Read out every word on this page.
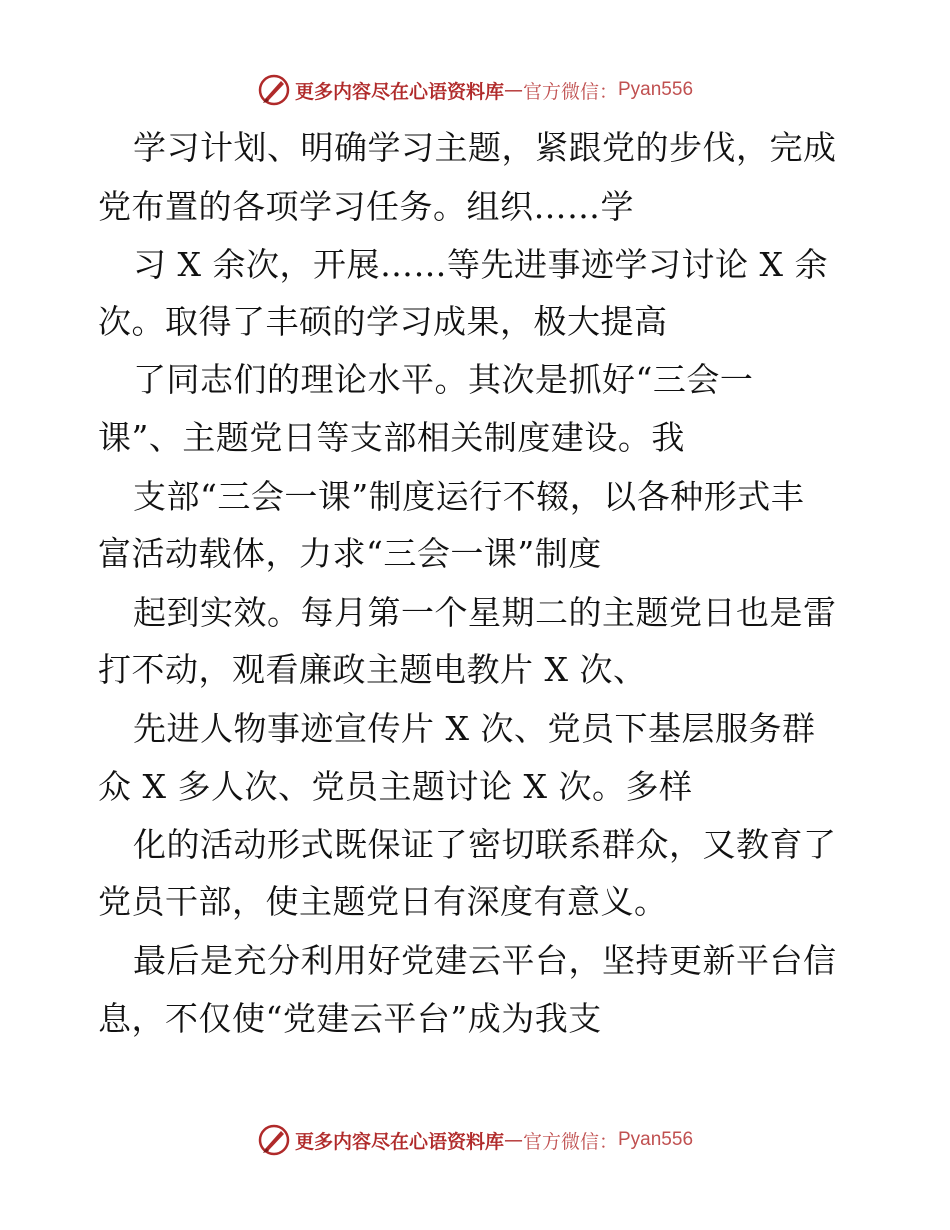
更多内容尽在心语资料库 — 官方微信： Pyan556
学习计划、明确学习主题，紧跟党的步伐，完成
党布置的各项学习任务。组织……学
习 X 余次，开展……等先进事迹学习讨论 X 余
次。取得了丰硕的学习成果，极大提高
了同志们的理论水平。其次是抓好“三会一
课”、主题党日等支部相关制度建设。我
支部“三会一课”制度运行不辍，以各种形式丰
富活动载体，力求“三会一课”制度
起到实效。每月第一个星期二的主题党日也是雷
打不动，观看廉政主题电教片 X 次、
先进人物事迹宣传片 X 次、党员下基层服务群
众 X 多人次、党员主题讨论 X 次。多样
化的活动形式既保证了密切联系群众，又教育了
党员干部，使主题党日有深度有意义。
最后是充分利用好党建云平台，坚持更新平台信
息，不仅使“党建云平台”成为我支
更多内容尽在心语资料库 — 官方微信： Pyan556
